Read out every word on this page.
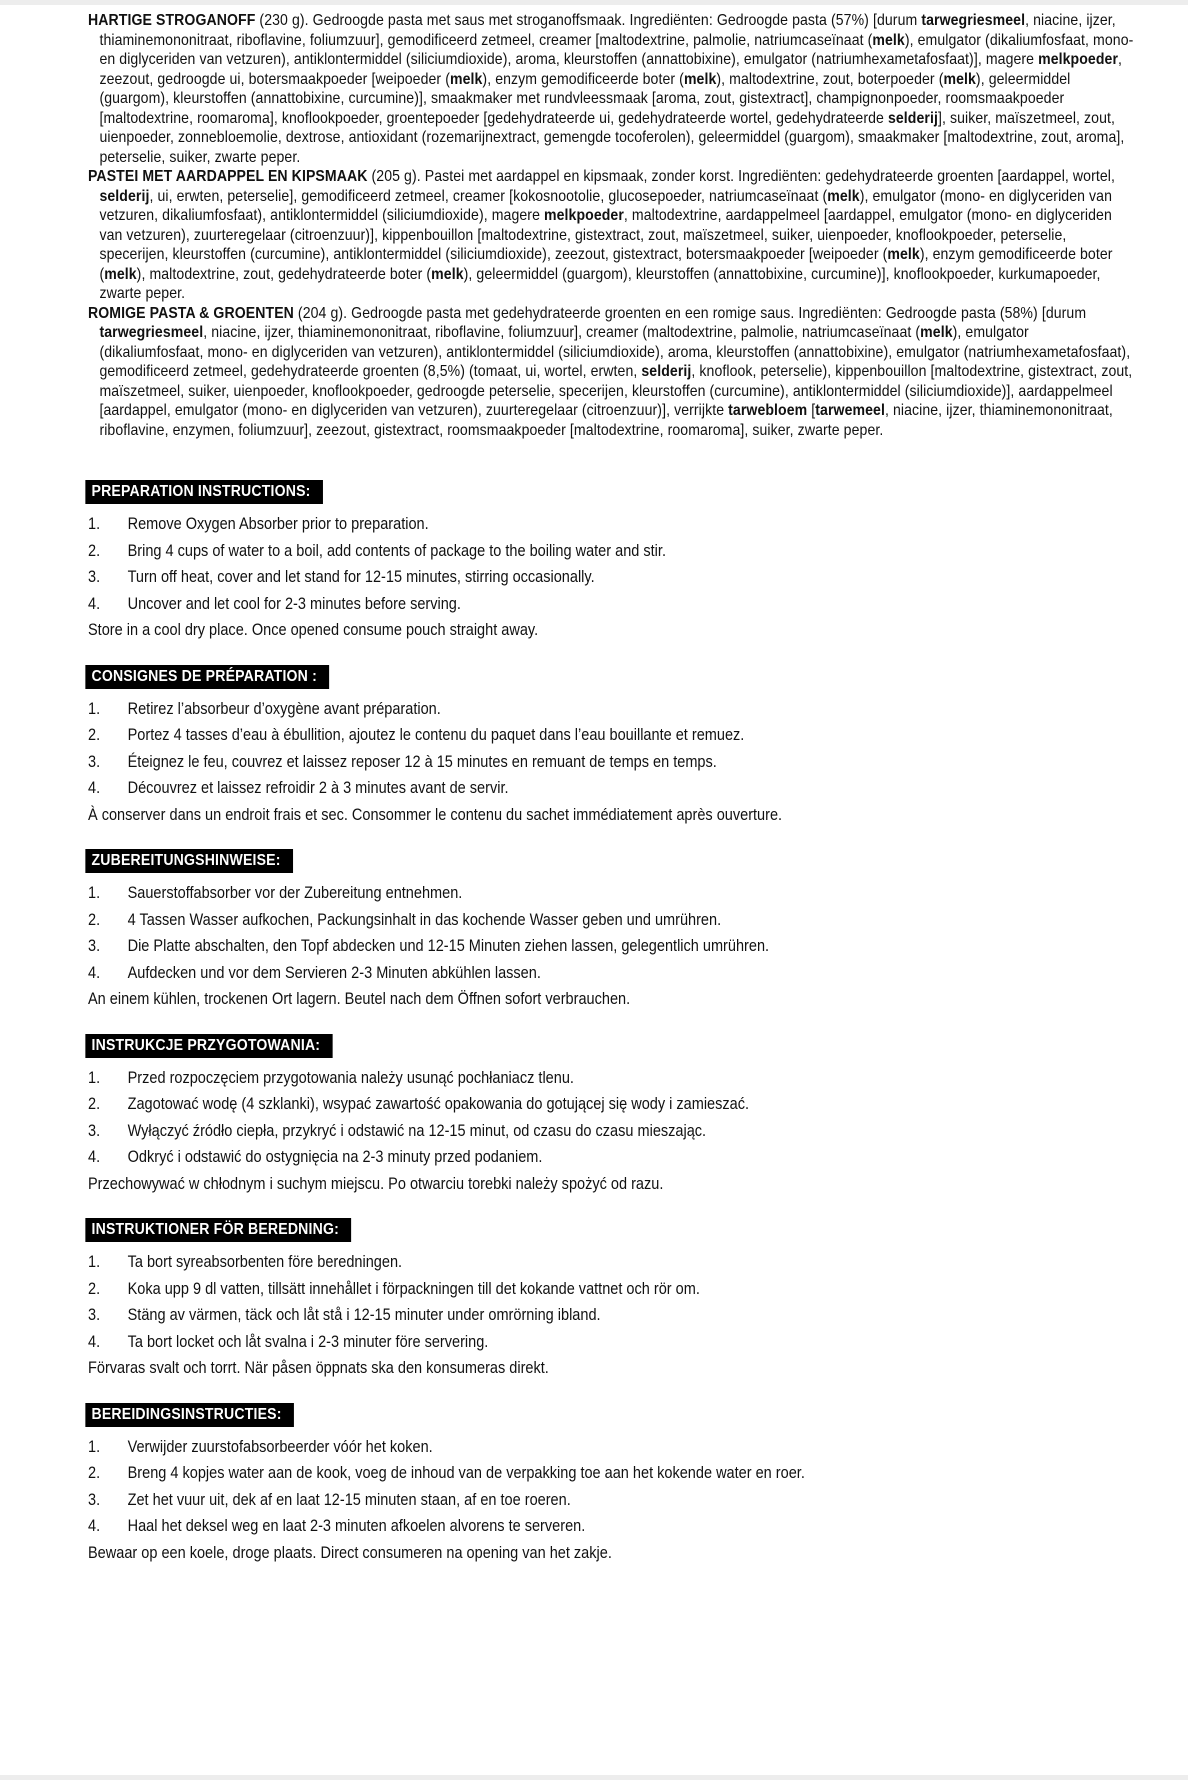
HARTIGE STROGANOFF (230 g). Gedroogde pasta met saus met stroganoffsmaak. Ingrediënten: Gedroogde pasta (57%) [durum tarwegriesmeel, niacine, ijzer, thiaminemononitraat, riboflavine, foliumzuur], gemodificeerd zetmeel, creamer [maltodextrine, palmolie, natriumcaseïnaat (melk), emulgator (dikaliumfosfaat, mono- en diglyceriden van vetzuren), antiklontermiddel (siliciumdioxide), aroma, kleurstoffen (annattobixine), emulgator (natriumhexametafosfaat)], magere melkpoeder, zeezout, gedroogde ui, botersmaakpoeder [weipoeder (melk), enzym gemodificeerde boter (melk), maltodextrine, zout, boterpoeder (melk), geleermiddel (guargom), kleurstoffen (annattobixine, curcumine)], smaakmaker met rundvleessmaak [aroma, zout, gistextract], champignonpoeder, roomsmaakpoeder [maltodextrine, roomaroma], knoflookpoeder, groentepoeder [gedehydrateerde ui, gedehydrateerde wortel, gedehydrateerde selderij], suiker, maïszetmeel, zout, uienpoeder, zonnebloemolie, dextrose, antioxidant (rozemarijnextract, gemengde tocoferolen), geleermiddel (guargom), smaakmaker [maltodextrine, zout, aroma], peterselie, suiker, zwarte peper.

PASTEI MET AARDAPPEL EN KIPSMAAK (205 g). Pastei met aardappel en kipsmaak, zonder korst. Ingrediënten: gedehydrateerde groenten [aardappel, wortel, selderij, ui, erwten, peterselie], gemodificeerd zetmeel, creamer [kokosnootolie, glucosepoeder, natriumcaseïnaat (melk), emulgator (mono- en diglyceriden van vetzuren, dikaliumfosfaat), antiklontermiddel (siliciumdioxide), magere melkpoeder, maltodextrine, aardappelmeel [aardappel, emulgator (mono- en diglyceriden van vetzuren), zuurteregelaar (citroenzuur)], kippenbouillon [maltodextrine, gistextract, zout, maïszetmeel, suiker, uienpoeder, knoflookpoeder, peterselie, specerijen, kleurstoffen (curcumine), antiklontermiddel (siliciumdioxide), zeezout, gistextract, botersmaakpoeder [weipoeder (melk), enzym gemodificeerde boter (melk), maltodextrine, zout, gedehydrateerde boter (melk), geleermiddel (guargom), kleurstoffen (annattobixine, curcumine)], knoflookpoeder, kurkumapoeder, zwarte peper.

ROMIGE PASTA & GROENTEN (204 g). Gedroogde pasta met gedehydrateerde groenten en een romige saus. Ingrediënten: Gedroogde pasta (58%) [durum tarwegriesmeel, niacine, ijzer, thiaminemononitraat, riboflavine, foliumzuur], creamer (maltodextrine, palmolie, natriumcaseïnaat (melk), emulgator (dikaliumfosfaat, mono- en diglyceriden van vetzuren), antiklontermiddel (siliciumdioxide), aroma, kleurstoffen (annattobixine), emulgator (natriumhexametafosfaat), gemodificeerd zetmeel, gedehydrateerde groenten (8,5%) (tomaat, ui, wortel, erwten, selderij, knoflook, peterselie), kippenbouillon [maltodextrine, gistextract, zout, maïszetmeel, suiker, uienpoeder, knoflookpoeder, gedroogde peterselie, specerijen, kleurstoffen (curcumine), antiklontermiddel (siliciumdioxide)], aardappelmeel [aardappel, emulgator (mono- en diglyceriden van vetzuren), zuurteregelaar (citroenzuur)], verrijkte tarwebloem [tarwemeel, niacine, ijzer, thiaminemononitraat, riboflavine, enzymen, foliumzuur], zeezout, gistextract, roomsmaakpoeder [maltodextrine, roomaroma], suiker, zwarte peper.

PREPARATION INSTRUCTIONS:
1.	Remove Oxygen Absorber prior to preparation.
2.	Bring 4 cups of water to a boil, add contents of package to the boiling water and stir.
3.	Turn off heat, cover and let stand for 12-15 minutes, stirring occasionally.
4.	Uncover and let cool for 2-3 minutes before serving.

Store in a cool dry place. Once opened consume pouch straight away.

CONSIGNES DE PRÉPARATION :
1.	Retirez l’absorbeur d’oxygène avant préparation.
2.	Portez 4 tasses d’eau à ébullition, ajoutez le contenu du paquet dans l’eau bouillante et remuez.
3.	Éteignez le feu, couvrez et laissez reposer 12 à 15 minutes en remuant de temps en temps.
4.	Découvrez et laissez refroidir 2 à 3 minutes avant de servir.

À conserver dans un endroit frais et sec. Consommer le contenu du sachet immédiatement après ouverture.

ZUBEREITUNGSHINWEISE:
1.	Sauerstoffabsorber vor der Zubereitung entnehmen.
2.	4 Tassen Wasser aufkochen, Packungsinhalt in das kochende Wasser geben und umrühren.
3.	Die Platte abschalten, den Topf abdecken und 12-15 Minuten ziehen lassen, gelegentlich umrühren.
4.	Aufdecken und vor dem Servieren 2-3 Minuten abkühlen lassen.

An einem kühlen, trockenen Ort lagern. Beutel nach dem Öffnen sofort verbrauchen.

INSTRUKCJE PRZYGOTOWANIA:
1.	Przed rozpoczęciem przygotowania należy usunąć pochłaniacz tlenu.
2.	Zagotować wodę (4 szklanki), wsypać zawartość opakowania do gotującej się wody i zamieszać.
3.	Wyłączyć źródło ciepła, przykryć i odstawić na 12-15 minut, od czasu do czasu mieszając.
4.	Odkryć i odstawić do ostygnięcia na 2-3 minuty przed podaniem.

Przechowywać w chłodnym i suchym miejscu. Po otwarciu torebki należy spożyć od razu.

INSTRUKTIONER FÖR BEREDNING:
1.	Ta bort syreabsorbenten före beredningen.
2.	Koka upp 9 dl vatten, tillsätt innehållet i förpackningen till det kokande vattnet och rör om.
3.	Stäng av värmen, täck och låt stå i 12-15 minuter under omrörning ibland.
4.	Ta bort locket och låt svalna i 2-3 minuter före servering.

Förvaras svalt och torrt. När påsen öppnats ska den konsumeras direkt.

BEREIDINGSINSTRUCTIES:
1.	Verwijder zuurstofabsorbeerder vóór het koken.
2.	Breng 4 kopjes water aan de kook, voeg de inhoud van de verpakking toe aan het kokende water en roer.
3.	Zet het vuur uit, dek af en laat 12-15 minuten staan, af en toe roeren.
4.	Haal het deksel weg en laat 2-3 minuten afkoelen alvorens te serveren.

Bewaar op een koele, droge plaats. Direct consumeren na opening van het zakje.
